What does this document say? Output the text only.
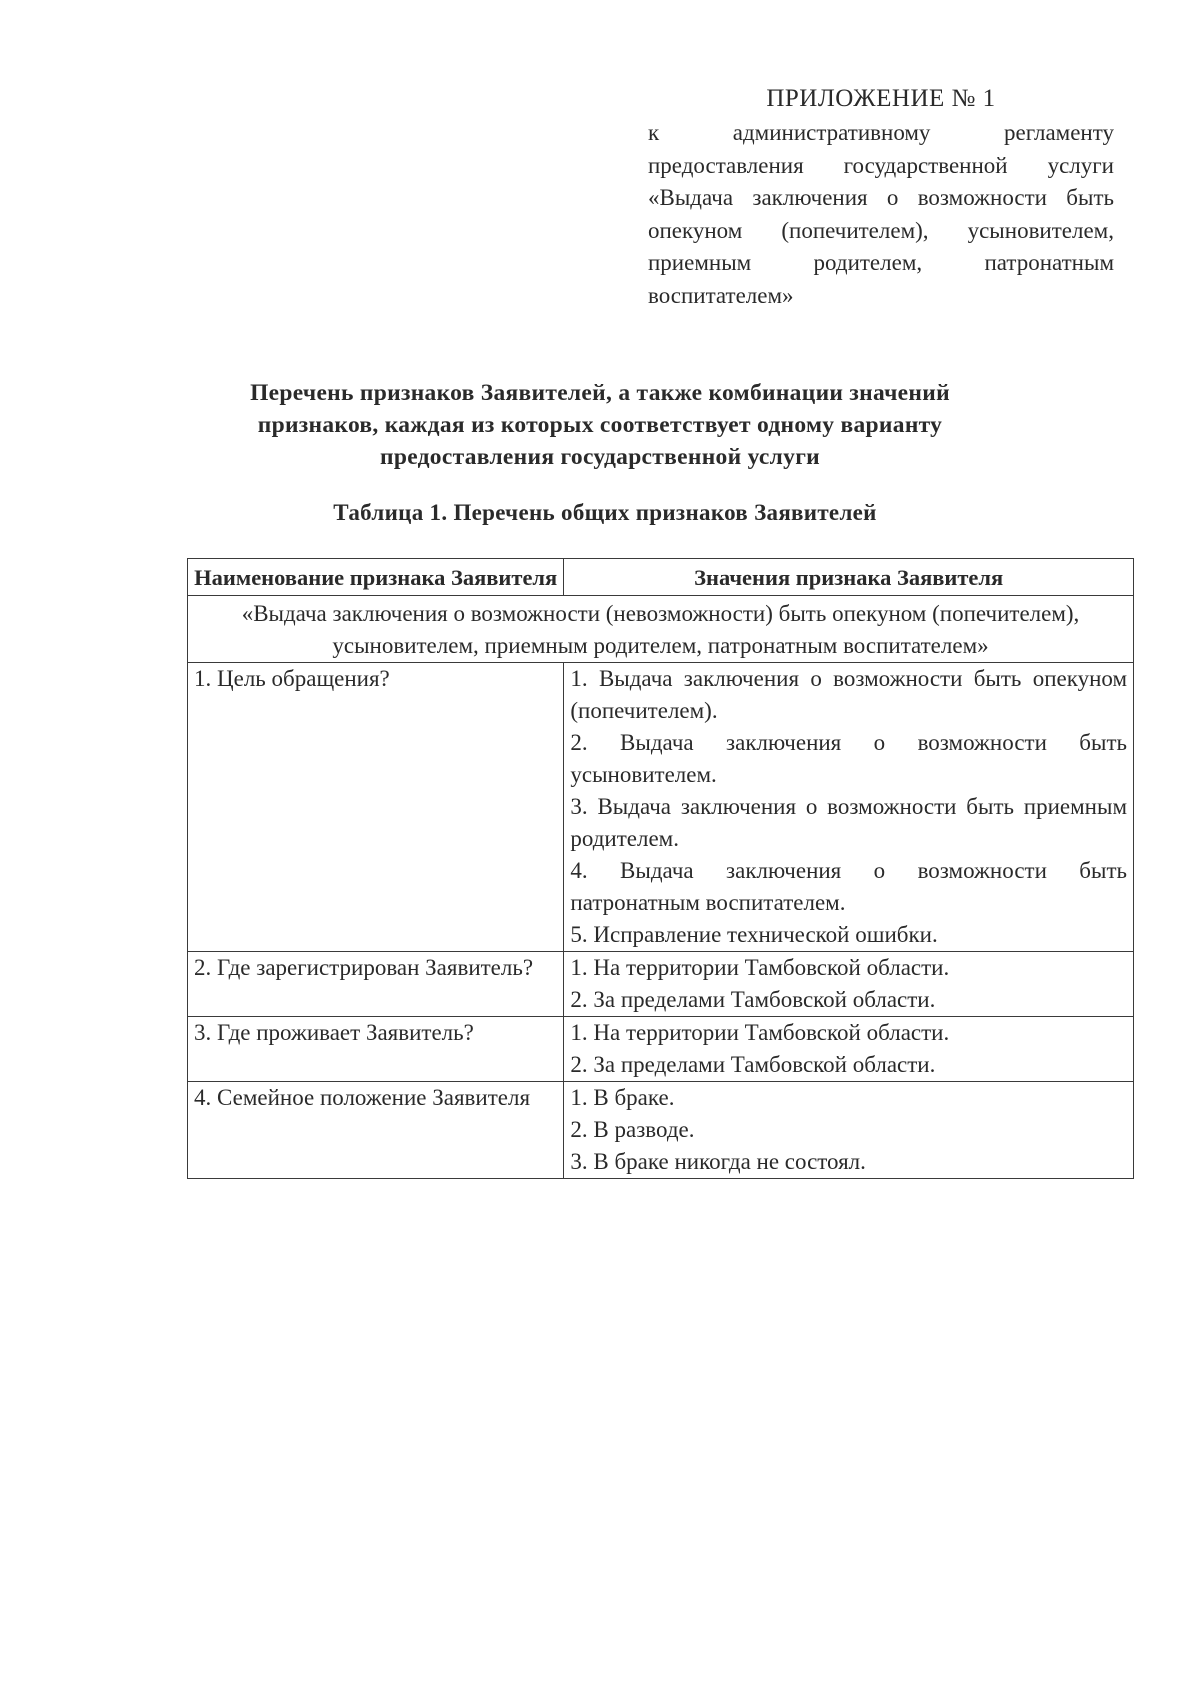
ПРИЛОЖЕНИЕ № 1
к административному регламенту предоставления государственной услуги «Выдача заключения о возможности быть опекуном (попечителем), усыновителем, приемным родителем, патронатным воспитателем»
Перечень признаков Заявителей, а также комбинации значений признаков, каждая из которых соответствует одному варианту предоставления государственной услуги
Таблица 1. Перечень общих признаков Заявителей
Наименование признака Заявителя	Значения признака Заявителя
«Выдача заключения о возможности (невозможности) быть опекуном (попечителем), усыновителем, приемным родителем, патронатным воспитателем»	
1. Цель обращения?	1. Выдача заключения о возможности быть опекуном (попечителем).
2. Выдача заключения о возможности быть усыновителем.
3. Выдача заключения о возможности быть приемным родителем.
4. Выдача заключения о возможности быть патронатным воспитателем.
5. Исправление технической ошибки.

2. Где зарегистрирован Заявитель?	1. На территории Тамбовской области.
2. За пределами Тамбовской области.

3. Где проживает Заявитель?	1. На территории Тамбовской области.
2. За пределами Тамбовской области.

4. Семейное положение Заявителя	1. В браке.
2. В разводе.
3. В браке никогда не состоял.
